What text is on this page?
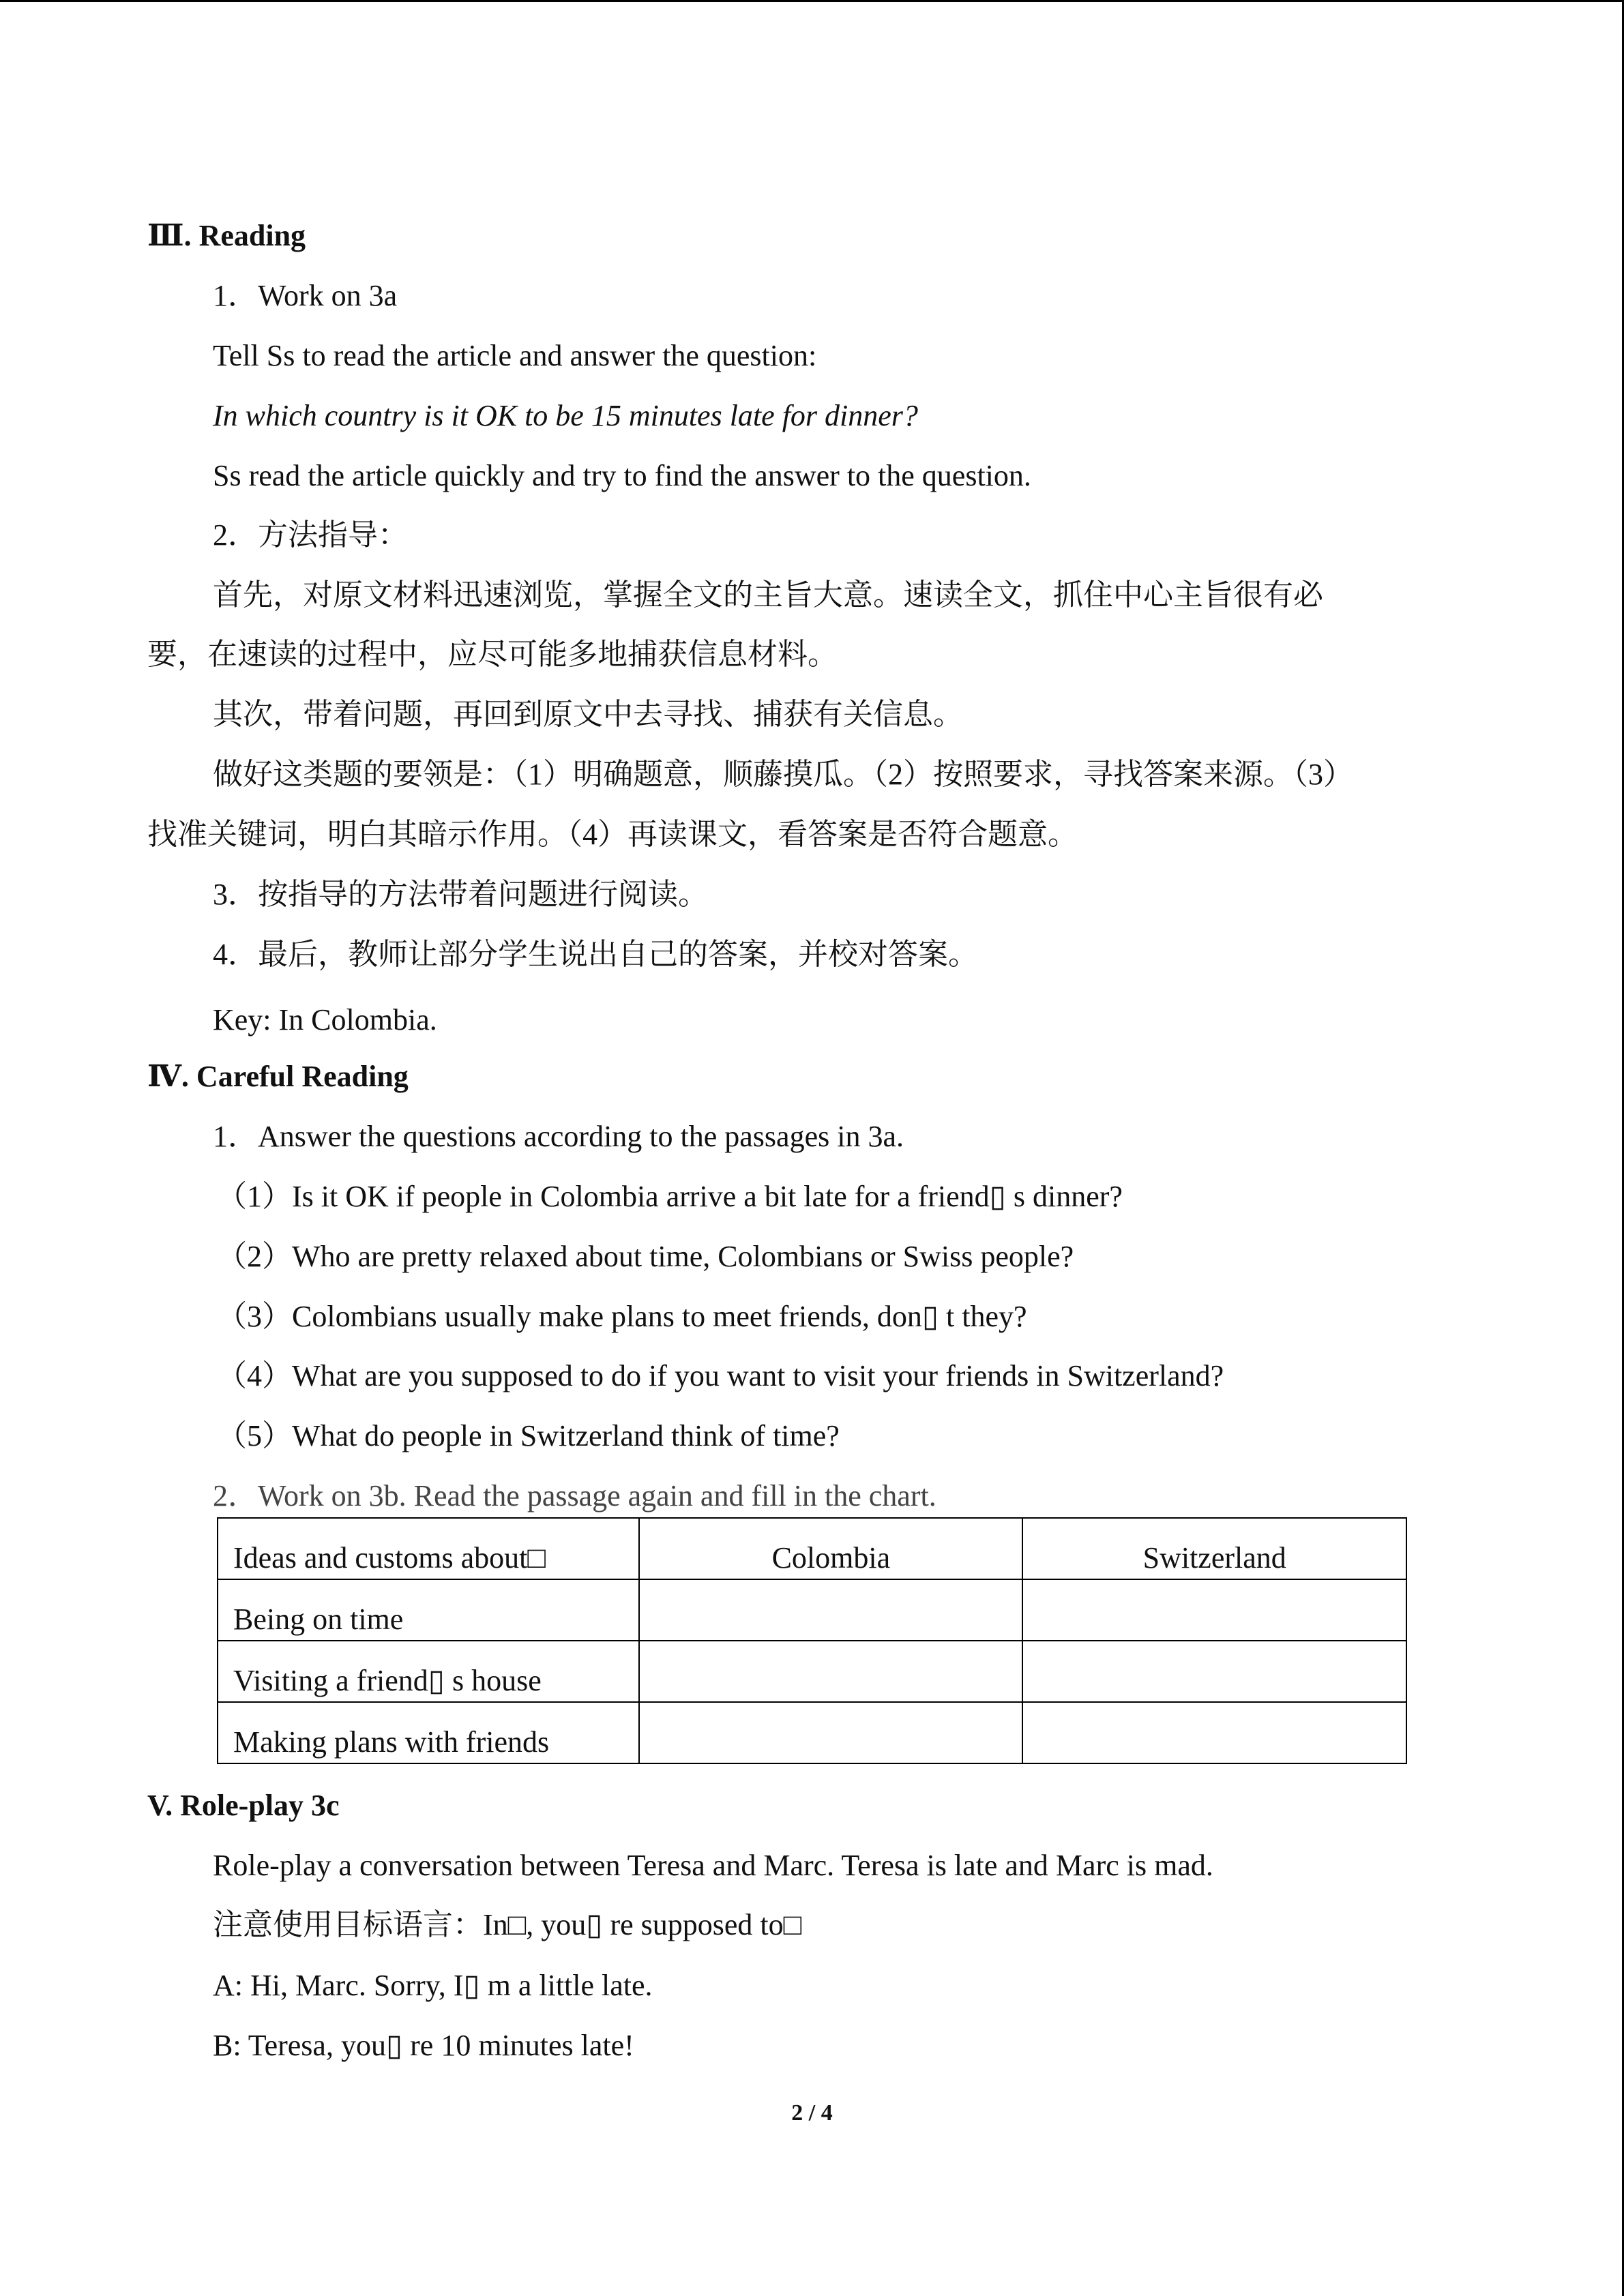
Ⅲ. Reading
1．Work on 3a
Tell Ss to read the article and answer the question:
In which country is it OK to be 15 minutes late for dinner?
Ss read the article quickly and try to find the answer to the question.
2．方法指导：
首先，对原文材料迅速浏览，掌握全文的主旨大意。速读全文，抓住中心主旨很有必
要，在速读的过程中，应尽可能多地捕获信息材料。
其次，带着问题，再回到原文中去寻找、捕获有关信息。
做好这类题的要领是：（1）明确题意，顺藤摸瓜。（2）按照要求，寻找答案来源。（3）
找准关键词，明白其暗示作用。（4）再读课文，看答案是否符合题意。
3．按指导的方法带着问题进行阅读。
4．最后，教师让部分学生说出自己的答案，并校对答案。
Key: In Colombia.
Ⅳ. Careful Reading
1．Answer the questions according to the passages in 3a.
（1）Is it OK if people in Colombia arrive a bit late for a friend▯ s dinner?
（2）Who are pretty relaxed about time, Colombians or Swiss people?
（3）Colombians usually make plans to meet friends, don▯ t they?
（4）What are you supposed to do if you want to visit your friends in Switzerland?
（5）What do people in Switzerland think of time?
2．Work on 3b. Read the passage again and fill in the chart.
Ideas and customs about□	Colombia	Switzerland
Being on time		
Visiting a friend▯ s house		
Making plans with friends		
V. Role-play 3c
Role-play a conversation between Teresa and Marc. Teresa is late and Marc is mad.
注意使用目标语言：In□, you▯ re supposed to□
A: Hi, Marc. Sorry, I▯ m a little late.
B: Teresa, you▯ re 10 minutes late!
2 / 4
